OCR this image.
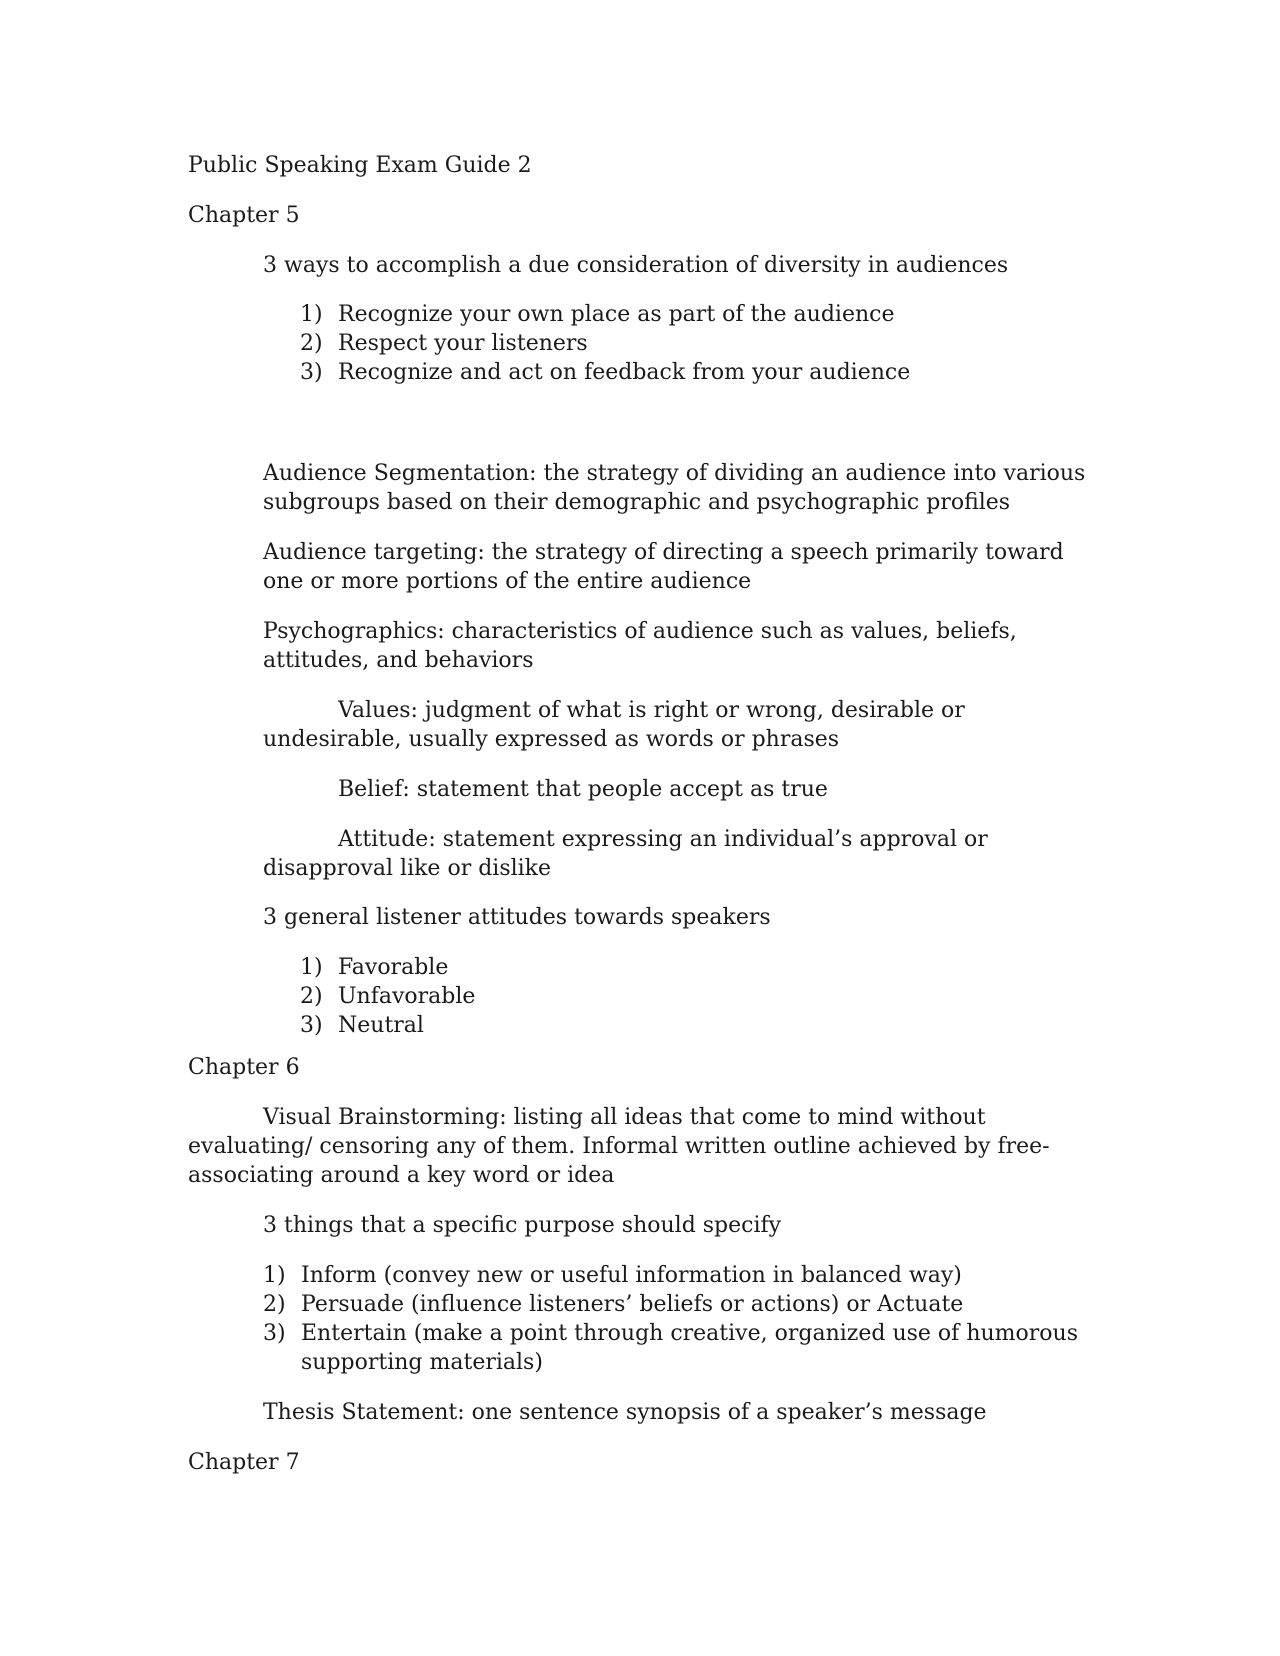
Public Speaking Exam Guide 2

Chapter 5

3 ways to accomplish a due consideration of diversity in audiences

1) Recognize your own place as part of the audience
2) Respect your listeners
3) Recognize and act on feedback from your audience

Audience Segmentation: the strategy of dividing an audience into various subgroups based on their demographic and psychographic profiles

Audience targeting: the strategy of directing a speech primarily toward one or more portions of the entire audience

Psychographics: characteristics of audience such as values, beliefs, attitudes, and behaviors

Values: judgment of what is right or wrong, desirable or undesirable, usually expressed as words or phrases

Belief: statement that people accept as true

Attitude: statement expressing an individual’s approval or disapproval like or dislike

3 general listener attitudes towards speakers

1) Favorable
2) Unfavorable
3) Neutral

Chapter 6

Visual Brainstorming: listing all ideas that come to mind without evaluating/ censoring any of them. Informal written outline achieved by free-associating around a key word or idea

3 things that a specific purpose should specify

1) Inform (convey new or useful information in balanced way)
2) Persuade (influence listeners’ beliefs or actions) or Actuate
3) Entertain (make a point through creative, organized use of humorous supporting materials)

Thesis Statement: one sentence synopsis of a speaker’s message

Chapter 7
